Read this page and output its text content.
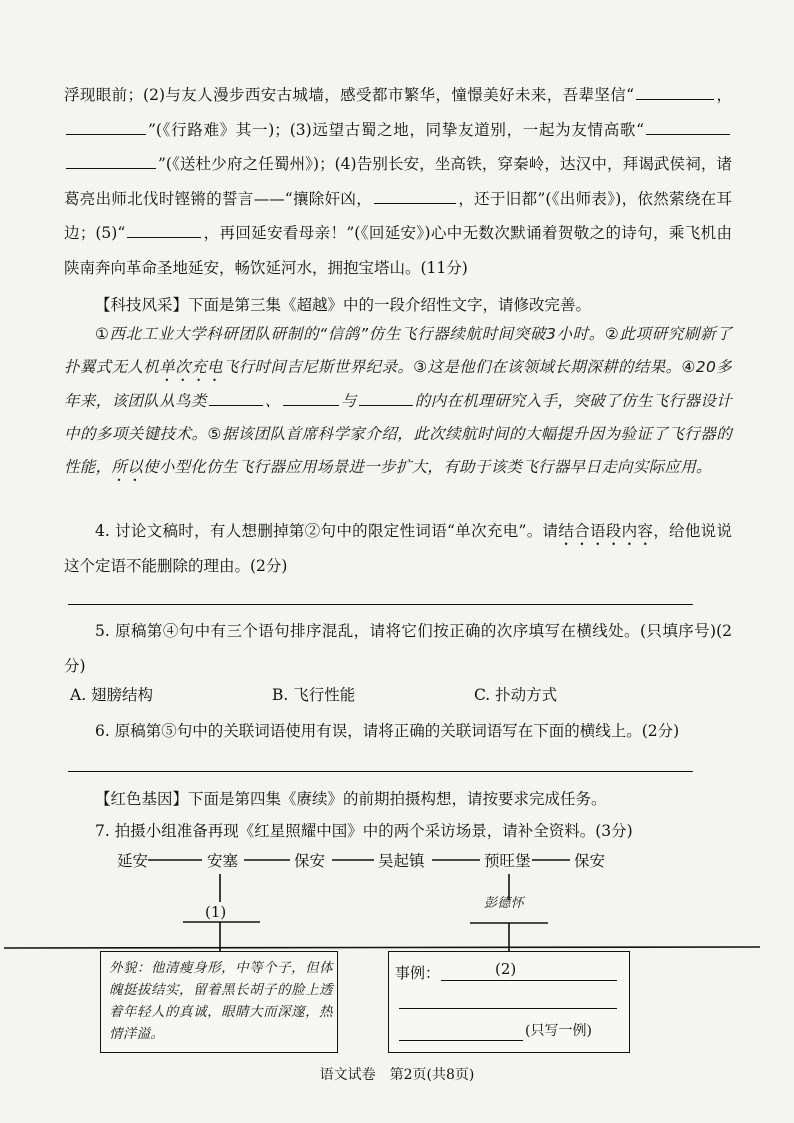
浮现眼前；(2)与友人漫步西安古城墙，感受都市繁华，憧憬美好未来，吾辈坚信“	，”(《行路难》其一)；(3)远望古蜀之地，同挚友道别，一起为友情高歌“”(《送杜少府之任蜀州》)；(4)告别长安，坐高铁，穿秦岭，达汉中，拜谒武侯祠，诸葛亮出师北伐时铿锵的誓言——“攘除奸凶，	，还于旧都”(《出师表》)，依然萦绕在耳边；(5)“	，再回延安看母亲！”(《回延安》)心中无数次默诵着贺敬之的诗句，乘飞机由陕南奔向革命圣地延安，畅饮延河水，拥抱宝塔山。(11分)

【科技风采】下面是第三集《超越》中的一段介绍性文字，请修改完善。

①西北工业大学科研团队研制的“信鸽”仿生飞行器续航时间突破3小时。②此项研究刷新了扑翼式无人机单次充电飞行时间吉尼斯世界纪录。③这是他们在该领域长期深耕的结果。④20多年来，该团队从鸟类	、	与	的内在机理研究入手，突破了仿生飞行器设计中的多项关键技术。⑤据该团队首席科学家介绍，此次续航时间的大幅提升因为验证了飞行器的性能，所以使小型化仿生飞行器应用场景进一步扩大，有助于该类飞行器早日走向实际应用。

4. 讨论文稿时，有人想删掉第②句中的限定性词语“单次充电”。请结合语段内容，给他说说这个定语不能删除的理由。(2分)

5. 原稿第④句中有三个语句排序混乱，请将它们按正确的次序填写在横线处。(只填序号)(2分)

A. 翅膀结构	B. 飞行性能	C. 扑动方式

6. 原稿第⑤句中的关联词语使用有误，请将正确的关联词语写在下面的横线上。(2分)

【红色基因】下面是第四集《赓续》的前期拍摄构想，请按要求完成任务。

7. 拍摄小组准备再现《红星照耀中国》中的两个采访场景，请补全资料。(3分)

延安	安塞	保安	吴起镇	预旺堡	保安
(1)	彭德怀
外貌：他清瘦身形，中等个子，但体魄挺拔结实，留着黑长胡子的脸上透着年轻人的真诚，眼睛大而深邃，热情洋溢。
事例：	(2)
(只写一例)
语文试卷　第2页(共8页)
